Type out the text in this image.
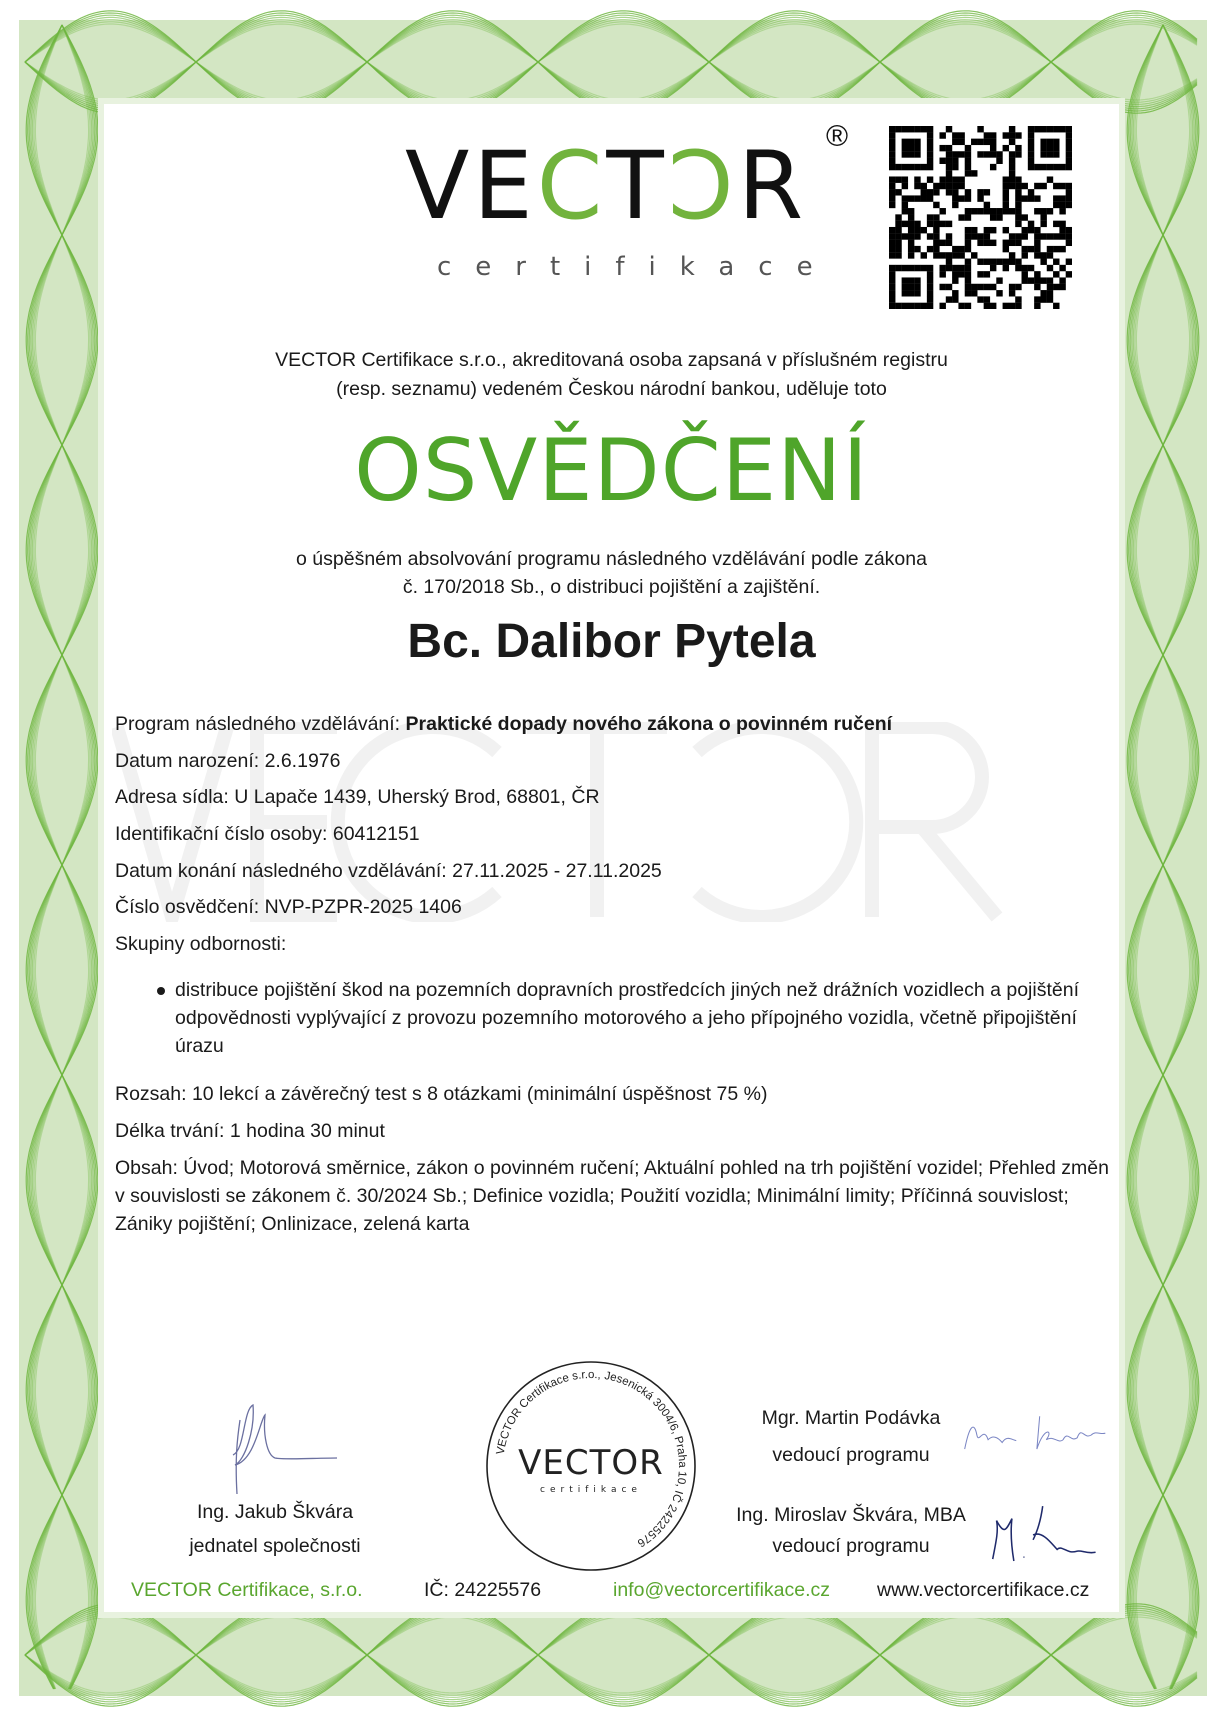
VECTↃR ®
certifikace
VECTOR Certifikace s.r.o., akreditovaná osoba zapsaná v příslušném registru
(resp. seznamu) vedeném Českou národní bankou, uděluje toto
OSVĚDČENÍ
o úspěšném absolvování programu následného vzdělávání podle zákona
č. 170/2018 Sb., o distribuci pojištění a zajištění.
Bc. Dalibor Pytela
Program následného vzdělávání: Praktické dopady nového zákona o povinném ručení
Datum narození: 2.6.1976
Adresa sídla: U Lapače 1439, Uherský Brod, 68801, ČR
Identifikační číslo osoby: 60412151
Datum konání následného vzdělávání: 27.11.2025 - 27.11.2025
Číslo osvědčení: NVP-PZPR-2025 1406
Skupiny odbornosti:
distribuce pojištění škod na pozemních dopravních prostředcích jiných než drážních vozidlech a pojištění odpovědnosti vyplývající z provozu pozemního motorového a jeho přípojného vozidla, včetně připojištění úrazu
Rozsah: 10 lekcí a závěrečný test s 8 otázkami (minimální úspěšnost 75 %)
Délka trvání: 1 hodina 30 minut
Obsah: Úvod; Motorová směrnice, zákon o povinném ručení; Aktuální pohled na trh pojištění vozidel; Přehled změn v souvislosti se zákonem č. 30/2024 Sb.; Definice vozidla; Použití vozidla; Minimální limity; Příčinná souvislost; Zániky pojištění; Onlinizace, zelená karta
VECTOR Certifikace s.r.o., Jesenická 3004/6, Praha 10, IČ 24225576
VECTOR
certifikace
Ing. Jakub Škvára
jednatel společnosti
Mgr. Martin Podávka
vedoucí programu
Ing. Miroslav Škvára, MBA
vedoucí programu
VECTOR Certifikace, s.r.o.	IČ: 24225576	info@vectorcertifikace.cz www.vectorcertifikace.cz
